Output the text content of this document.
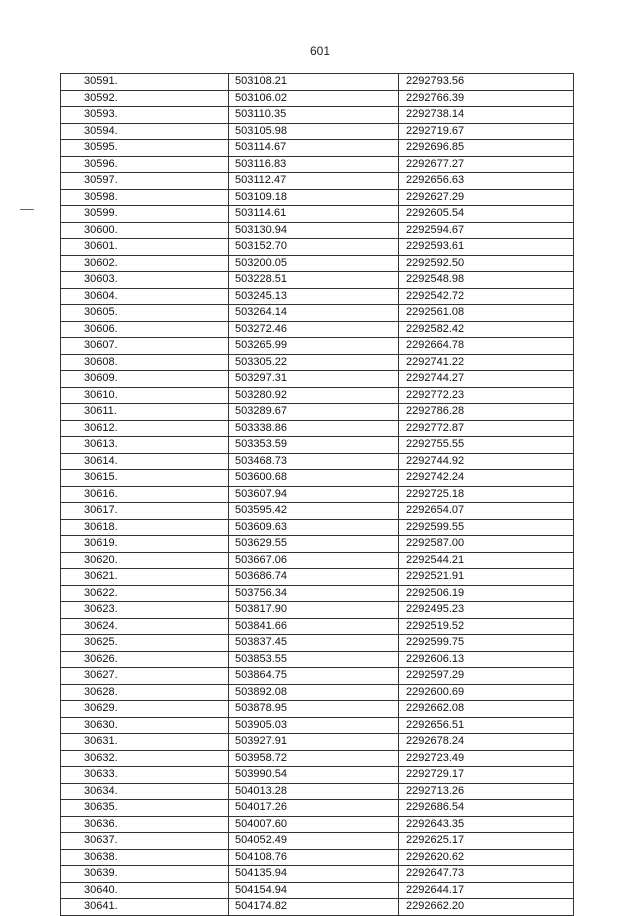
601
30591.	503108.21	2292793.56
30592.	503106.02	2292766.39
30593.	503110.35	2292738.14
30594.	503105.98	2292719.67
30595.	503114.67	2292696.85
30596.	503116.83	2292677.27
30597.	503112.47	2292656.63
30598.	503109.18	2292627.29
30599.	503114.61	2292605.54
30600.	503130.94	2292594.67
30601.	503152.70	2292593.61
30602.	503200.05	2292592.50
30603.	503228.51	2292548.98
30604.	503245.13	2292542.72
30605.	503264.14	2292561.08
30606.	503272.46	2292582.42
30607.	503265.99	2292664.78
30608.	503305.22	2292741.22
30609.	503297.31	2292744.27
30610.	503280.92	2292772.23
30611.	503289.67	2292786.28
30612.	503338.86	2292772.87
30613.	503353.59	2292755.55
30614.	503468.73	2292744.92
30615.	503600.68	2292742.24
30616.	503607.94	2292725.18
30617.	503595.42	2292654.07
30618.	503609.63	2292599.55
30619.	503629.55	2292587.00
30620.	503667.06	2292544.21
30621.	503686.74	2292521.91
30622.	503756.34	2292506.19
30623.	503817.90	2292495.23
30624.	503841.66	2292519.52
30625.	503837.45	2292599.75
30626.	503853.55	2292606.13
30627.	503864.75	2292597.29
30628.	503892.08	2292600.69
30629.	503878.95	2292662.08
30630.	503905.03	2292656.51
30631.	503927.91	2292678.24
30632.	503958.72	2292723.49
30633.	503990.54	2292729.17
30634.	504013.28	2292713.26
30635.	504017.26	2292686.54
30636.	504007.60	2292643.35
30637.	504052.49	2292625.17
30638.	504108.76	2292620.62
30639.	504135.94	2292647.73
30640.	504154.94	2292644.17
30641.	504174.82	2292662.20
